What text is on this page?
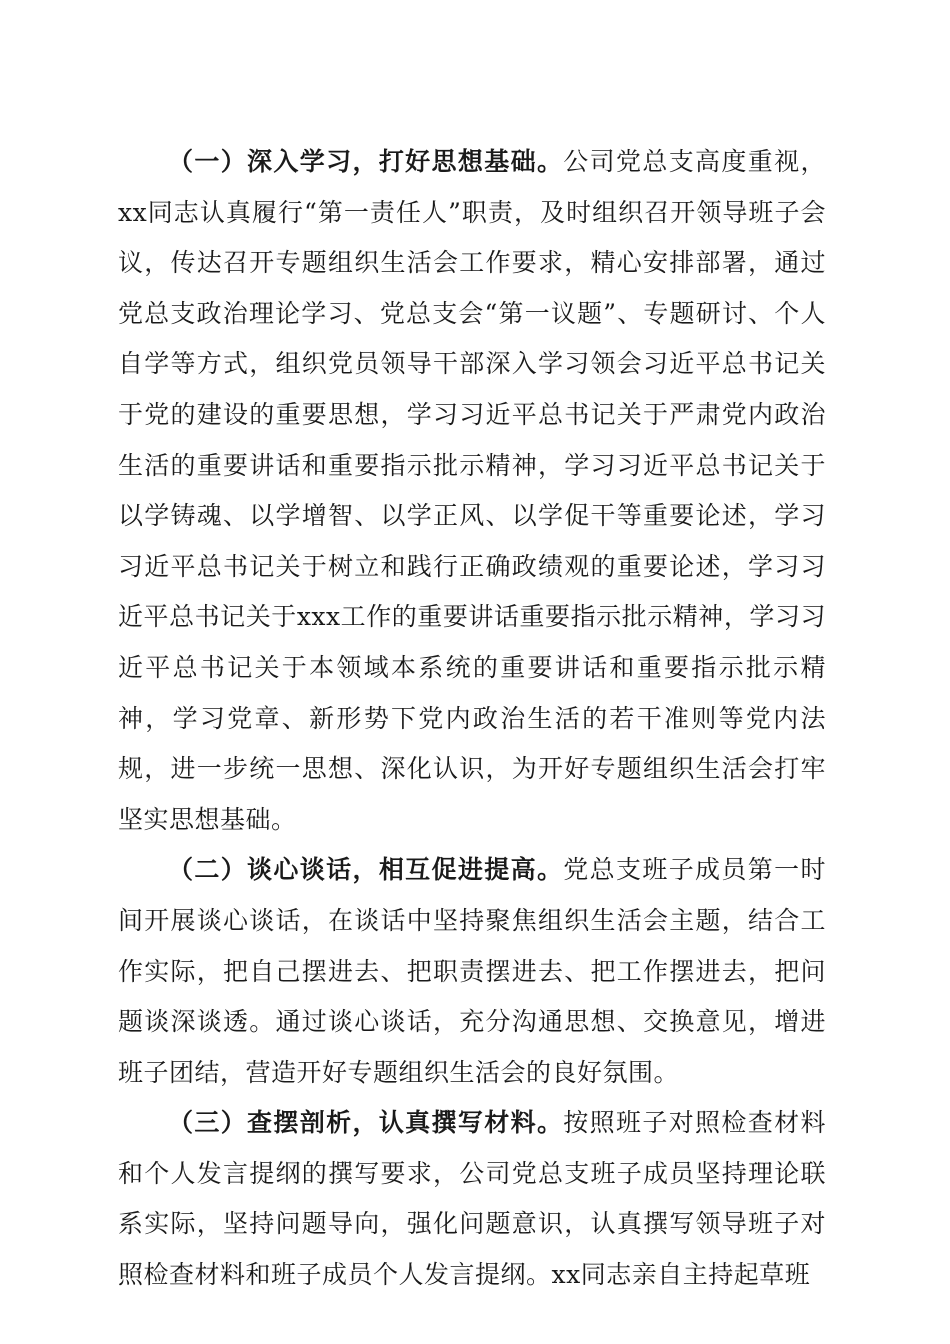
（一）深入学习，打好思想基础。公司党总支高度重视，xx同志认真履行“第一责任人”职责，及时组织召开领导班子会议，传达召开专题组织生活会工作要求，精心安排部署，通过党总支政治理论学习、党总支会“第一议题”、专题研讨、个人自学等方式，组织党员领导干部深入学习领会习近平总书记关于党的建设的重要思想，学习习近平总书记关于严肃党内政治生活的重要讲话和重要指示批示精神，学习习近平总书记关于以学铸魂、以学增智、以学正风、以学促干等重要论述，学习习近平总书记关于树立和践行正确政绩观的重要论述，学习习近平总书记关于xxx工作的重要讲话重要指示批示精神，学习习近平总书记关于本领域本系统的重要讲话和重要指示批示精神，学习党章、新形势下党内政治生活的若干准则等党内法规，进一步统一思想、深化认识，为开好专题组织生活会打牢坚实思想基础。

（二）谈心谈话，相互促进提高。党总支班子成员第一时间开展谈心谈话，在谈话中坚持聚焦组织生活会主题，结合工作实际，把自己摆进去、把职责摆进去、把工作摆进去，把问题谈深谈透。通过谈心谈话，充分沟通思想、交换意见，增进班子团结，营造开好专题组织生活会的良好氛围。

（三）查摆剖析，认真撰写材料。按照班子对照检查材料和个人发言提纲的撰写要求，公司党总支班子成员坚持理论联系实际，坚持问题导向，强化问题意识，认真撰写领导班子对照检查材料和班子成员个人发言提纲。xx同志亲自主持起草班
